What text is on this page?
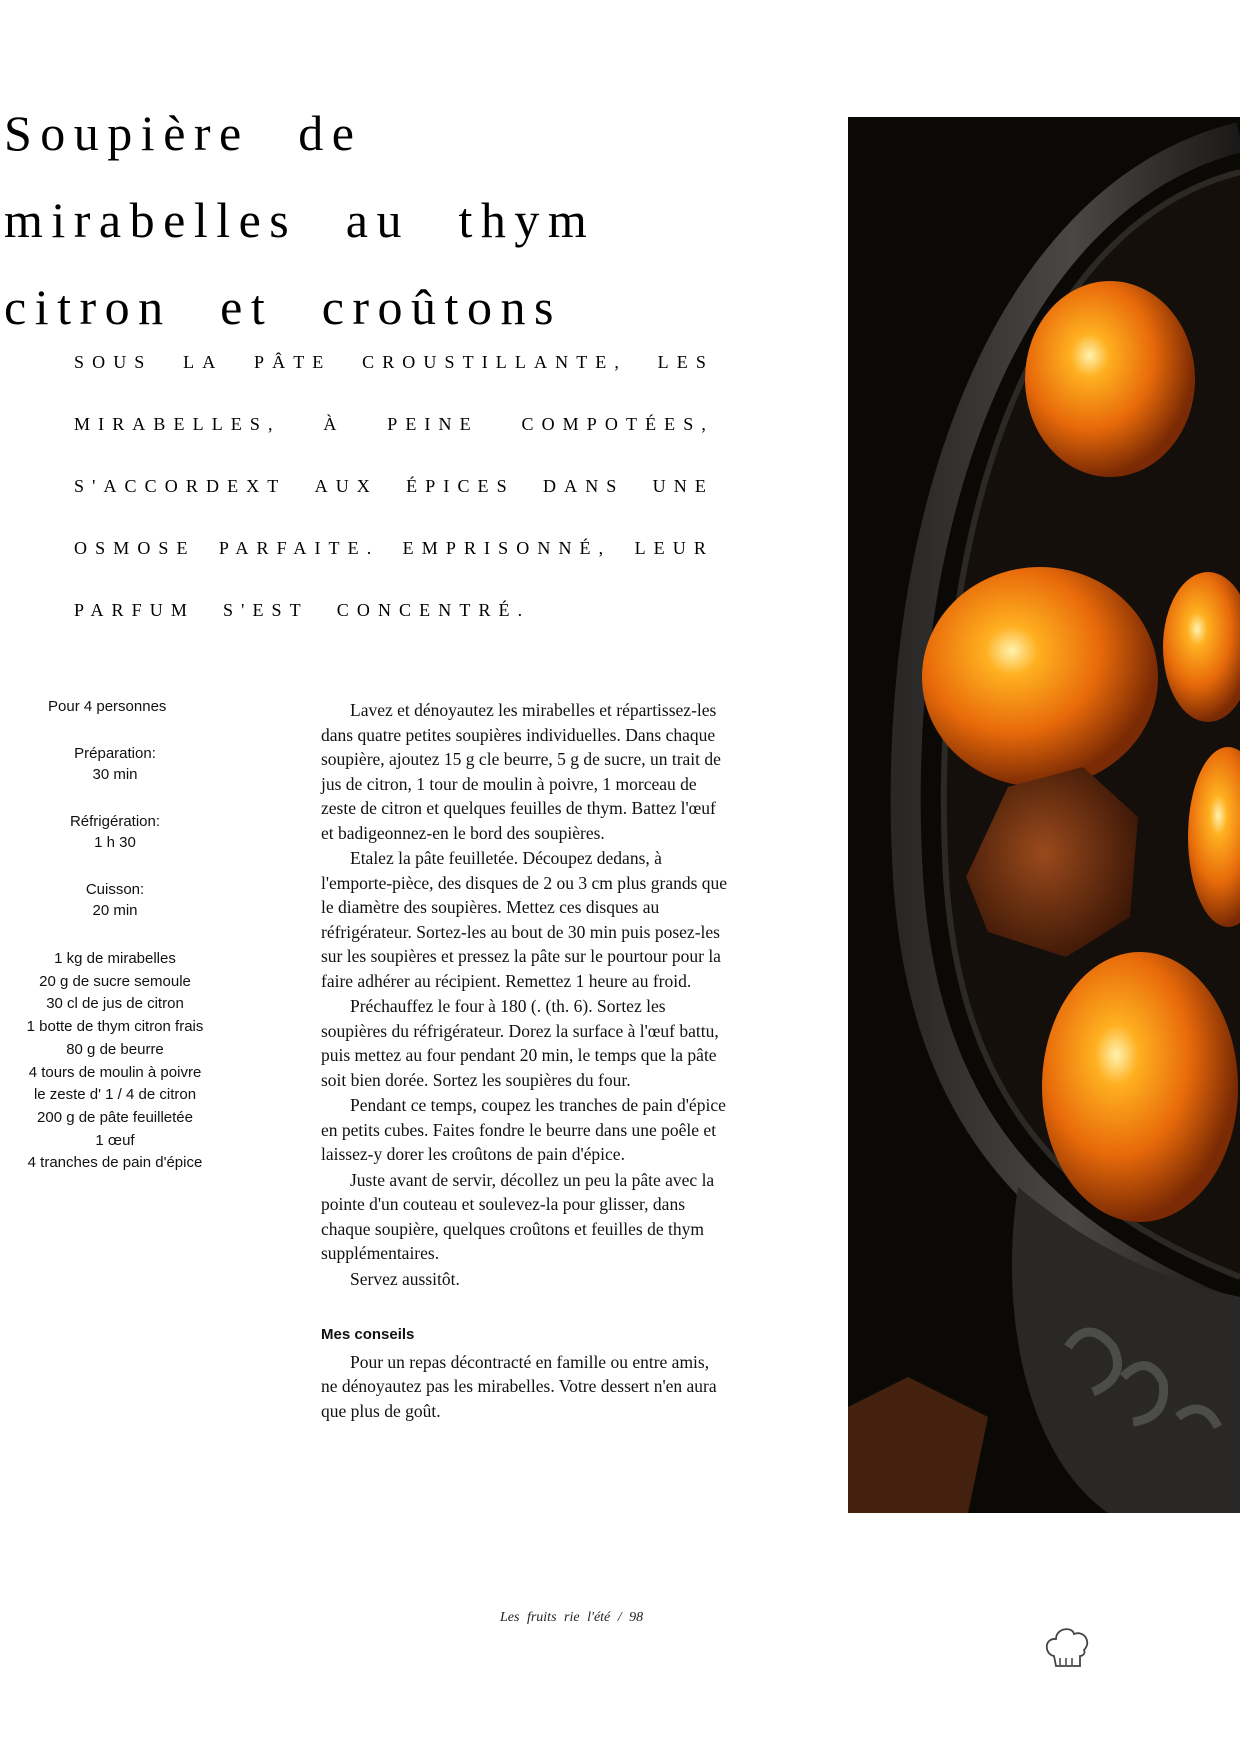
Soupière de
mirabelles au thym
citron et croûtons
SOUS LA PÂTE CROUSTILLANTE, LES
MIRABELLES, À PEINE COMPOTÉES,
S'ACCORDEXT AUX ÉPICES DANS UNE
OSMOSE PARFAITE. EMPRISONNÉ, LEUR
PARFUM S'EST CONCENTRÉ.
Pour 4 personnes
Préparation:
30 min
Réfrigération:
1 h 30
Cuisson:
20 min
1 kg de mirabelles
20 g de sucre semoule
30 cl de jus de citron
1 botte de thym citron frais
80 g de beurre
4 tours de moulin à poivre
le zeste d' 1 / 4 de citron
200 g de pâte feuilletée
1 œuf
4 tranches de pain d'épice

Lavez et dénoyautez les mirabelles et répartissez-les dans quatre petites soupières individuelles. Dans chaque soupière, ajoutez 15 g cle beurre, 5 g de sucre, un trait de jus de citron, 1 tour de moulin à poivre, 1 morceau de zeste de citron et quelques feuilles de thym. Battez l'œuf et badigeonnez-en le bord des soupières.

Etalez la pâte feuilletée. Découpez dedans, à l'emporte-pièce, des disques de 2 ou 3 cm plus grands que le diamètre des soupières. Mettez ces disques au réfrigérateur. Sortez-les au bout de 30 min puis posez-les sur les soupières et pressez la pâte sur le pourtour pour la faire adhérer au récipient. Remettez 1 heure au froid.

Préchauffez le four à 180 (. (th. 6). Sortez les soupières du réfrigérateur. Dorez la surface à l'œuf battu, puis mettez au four pendant 20 min, le temps que la pâte soit bien dorée. Sortez les soupières du four.

Pendant ce temps, coupez les tranches de pain d'épice en petits cubes. Faites fondre le beurre dans une poêle et laissez-y dorer les croûtons de pain d'épice.

Juste avant de servir, décollez un peu la pâte avec la pointe d'un couteau et soulevez-la pour glisser, dans chaque soupière, quelques croûtons et feuilles de thym supplémentaires.

Servez aussitôt.

Mes conseils

Pour un repas décontracté en famille ou entre amis, ne dénoyautez pas les mirabelles. Votre dessert n'en aura que plus de goût.

Les fruits rie l'été / 98
